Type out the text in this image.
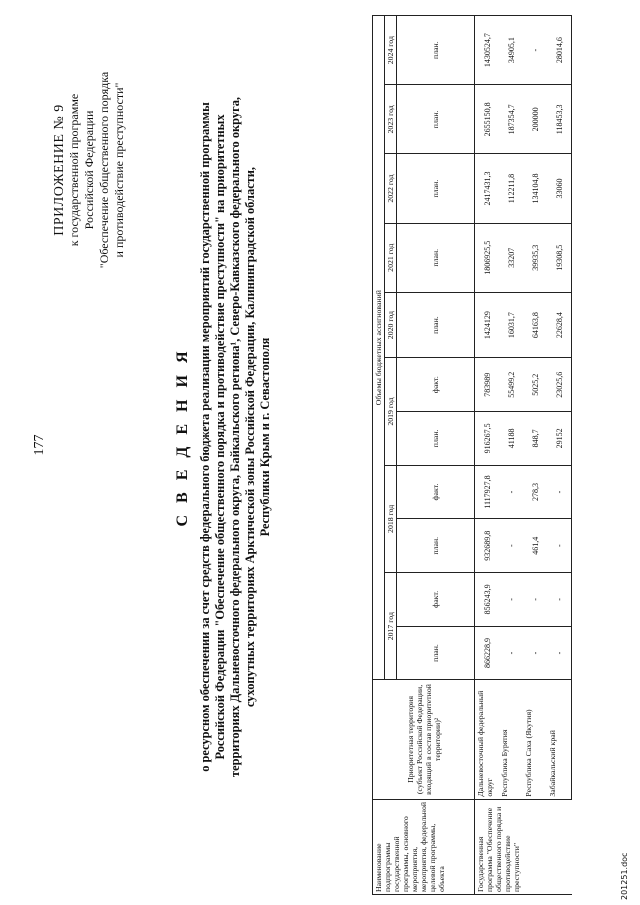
177
ПРИЛОЖЕНИЕ № 9 к государственной программе Российской Федерации "Обеспечение общественного порядка и противодействие преступности"
С В Е Д Е Н И Я о ресурсном обеспечении за счет средств федерального бюджета реализации мероприятий государственной программы Российской Федерации "Обеспечение общественного порядка и противодействие преступности" на приоритетных территориях Дальневосточного федерального округа, Байкальского региона¹, Северо-Кавказского федерального округа, сухопутных территориях Арктической зоны Российской Федерации, Калининградской области, Республики Крым и г. Севастополя
Наименование подпрограммы государственной программы, основного мероприятия, мероприятия, федеральной целевой программы, объекта	Приоритетная территория (субъект Российской Федерации, входящий в состав приоритетной территории)²	Объемы бюджетных ассигнований										
		2017 год		2018 год		2019 год		2020 год	2021 год	2022 год	2023 год	2024 год
		план.	факт.	план.	факт.	план.	факт.	план.	план.	план.	план.	план.
Государственная программа "Обеспечение общественного порядка и противодействие преступности"	Дальневосточный федеральный округ	866228,9	856243,9	932689,8	1117927,8	916267,5	783989	1424129	1806925,5	2417431,3	2655150,8	1430524,7
	Республика Бурятия	-	-	-	-	41188	55499,2	16031,7	33207	112211,8	187354,7	34905,1
	Республика Саха (Якутия)	-	-	461,4	278,3	848,7	5025,2	64163,8	39935,3	134104,8	200000	-
	Забайкальский край	-	-	-	-	29152	23025,6	22628,4	19308,5	33060	118453,3	28014,6
201251.doc
